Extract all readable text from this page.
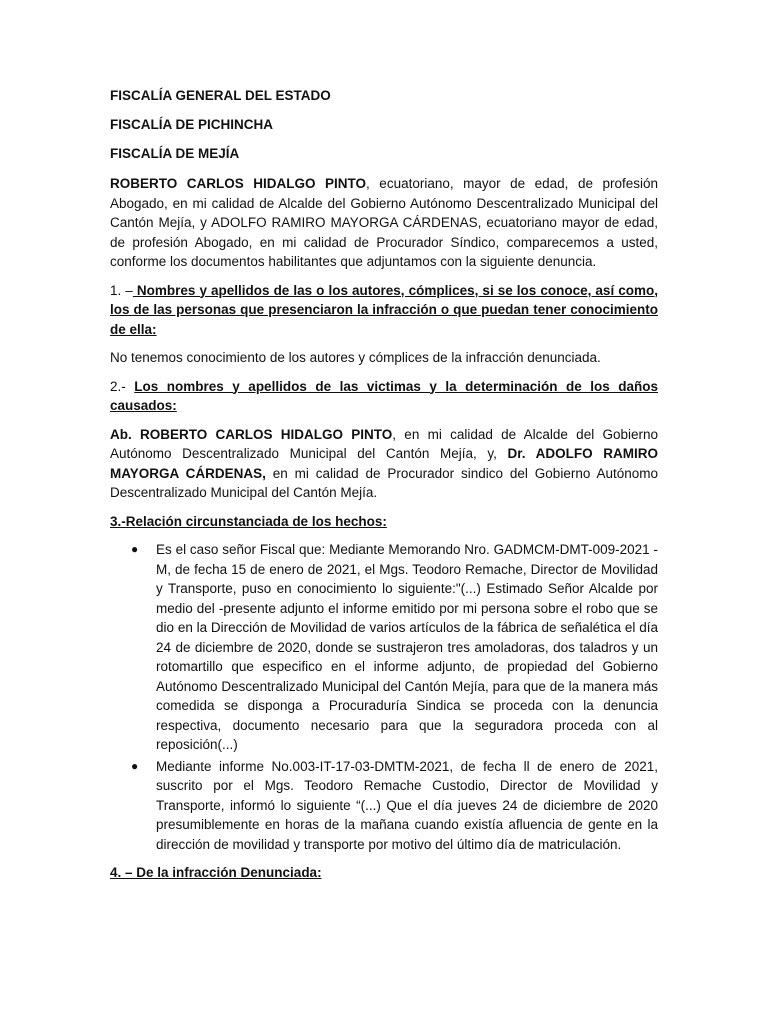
FISCALÍA GENERAL DEL ESTADO
FISCALÍA DE PICHINCHA
FISCALÍA DE MEJÍA

ROBERTO CARLOS HIDALGO PINTO, ecuatoriano, mayor de edad, de profesión Abogado, en mi calidad de Alcalde del Gobierno Autónomo Descentralizado Municipal del Cantón Mejía, y ADOLFO RAMIRO MAYORGA CÁRDENAS, ecuatoriano mayor de edad, de profesión Abogado, en mi calidad de Procurador Síndico, comparecemos a usted, conforme los documentos habilitantes que adjuntamos con la siguiente denuncia.

1. – Nombres y apellidos de las o los autores, cómplices, si se los conoce, así como, los de las personas que presenciaron la infracción o que puedan tener conocimiento de ella:

No tenemos conocimiento de los autores y cómplices de la infracción denunciada.

2.- Los nombres y apellidos de las victimas y la determinación de los daños causados:

Ab. ROBERTO CARLOS HIDALGO PINTO, en mi calidad de Alcalde del Gobierno Autónomo Descentralizado Municipal del Cantón Mejía, y, Dr. ADOLFO RAMIRO MAYORGA CÁRDENAS, en mi calidad de Procurador sindico del Gobierno Autónomo Descentralizado Municipal del Cantón Mejía.

3.-Relación circunstanciada de los hechos:
● Es el caso señor Fiscal que: Mediante Memorando Nro. GADMCM-DMT-009-2021 -M, de fecha 15 de enero de 2021, el Mgs. Teodoro Remache, Director de Movilidad y Transporte, puso en conocimiento lo siguiente:"(...) Estimado Señor Alcalde por medio del -presente adjunto el informe emitido por mi persona sobre el robo que se dio en la Dirección de Movilidad de varios artículos de la fábrica de señalética el día 24 de diciembre de 2020, donde se sustrajeron tres amoladoras, dos taladros y un rotomartillo que especifico en el informe adjunto, de propiedad del Gobierno Autónomo Descentralizado Municipal del Cantón Mejía, para que de la manera más comedida se disponga a Procuraduría Sindica se proceda con la denuncia respectiva, documento necesario para que la seguradora proceda con al reposición(...)
● Mediante informe No.003-IT-17-03-DMTM-2021, de fecha ll de enero de 2021, suscrito por el Mgs. Teodoro Remache Custodio, Director de Movilidad y Transporte, informó lo siguiente “(...) Que el día jueves 24 de diciembre de 2020 presumiblemente en horas de la mañana cuando existía afluencia de gente en la dirección de movilidad y transporte por motivo del último día de matriculación.
4. – De la infracción Denunciada:
